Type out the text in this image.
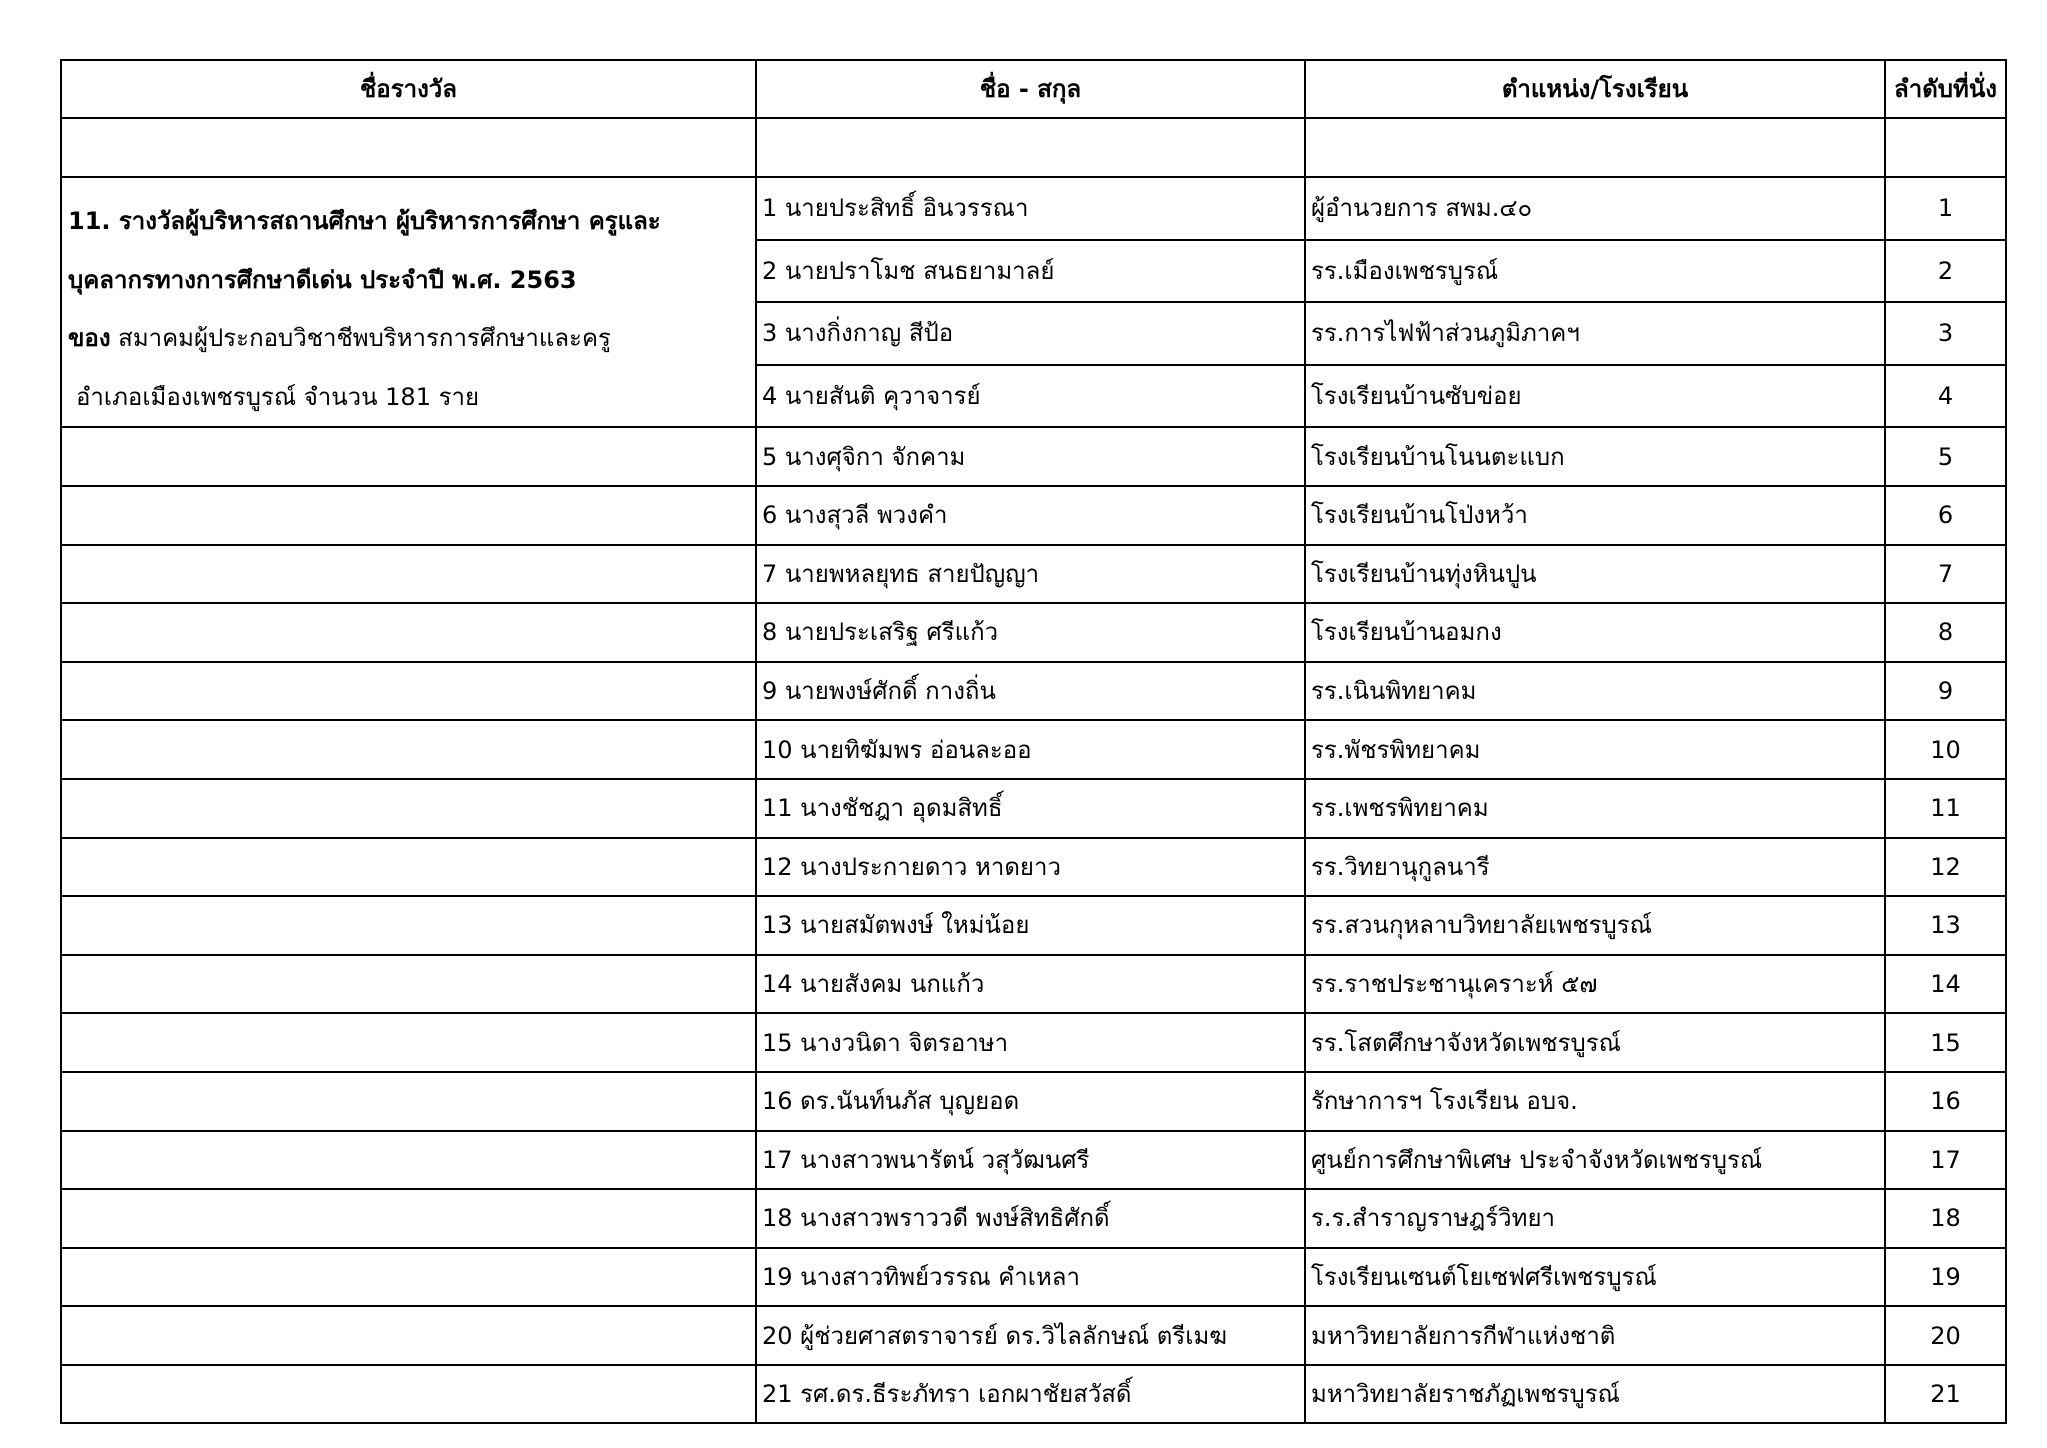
ชื่อรางวัล	ชื่อ - สกุล	ตำแหน่ง/โรงเรียน	ลำดับที่นั่ง

11. รางวัลผู้บริหารสถานศึกษา ผู้บริหารการศึกษา ครูและ
บุคลากรทางการศึกษาดีเด่น ประจำปี พ.ศ. 2563
ของ สมาคมผู้ประกอบวิชาชีพบริหารการศึกษาและครู
อำเภอเมืองเพชรบูรณ์ จำนวน 181 ราย	1 นายประสิทธิ์ อินวรรณา	ผู้อำนวยการ สพม.๔๐	1
	2 นายปราโมช สนธยามาลย์	รร.เมืองเพชรบูรณ์	2
	3 นางกิ่งกาญ สีป้อ	รร.การไฟฟ้าส่วนภูมิภาคฯ	3
	4 นายสันติ คุวาจารย์	โรงเรียนบ้านซับข่อย	4
	5 นางศุจิกา จักคาม	โรงเรียนบ้านโนนตะแบก	5
	6 นางสุวลี พวงคำ	โรงเรียนบ้านโป่งหว้า	6
	7 นายพหลยุทธ สายปัญญา	โรงเรียนบ้านทุ่งหินปูน	7
	8 นายประเสริฐ ศรีแก้ว	โรงเรียนบ้านอมกง	8
	9 นายพงษ์ศักดิ์ กางถิ่น	รร.เนินพิทยาคม	9
	10 นายทิฆัมพร อ่อนละออ	รร.พัชรพิทยาคม	10
	11 นางชัชฎา อุดมสิทธิ์	รร.เพชรพิทยาคม	11
	12 นางประกายดาว หาดยาว	รร.วิทยานุกูลนารี	12
	13 นายสมัตพงษ์ ใหม่น้อย	รร.สวนกุหลาบวิทยาลัยเพชรบูรณ์	13
	14 นายสังคม นกแก้ว	รร.ราชประชานุเคราะห์ ๕๗	14
	15 นางวนิดา จิตรอาษา	รร.โสตศึกษาจังหวัดเพชรบูรณ์	15
	16 ดร.นันท์นภัส บุญยอด	รักษาการฯ โรงเรียน อบจ.	16
	17 นางสาวพนารัตน์ วสุวัฒนศรี	ศูนย์การศึกษาพิเศษ ประจำจังหวัดเพชรบูรณ์	17
	18 นางสาวพราววดี พงษ์สิทธิศักดิ์	ร.ร.สำราญราษฎร์วิทยา	18
	19 นางสาวทิพย์วรรณ คำเหลา	โรงเรียนเซนต์โยเซฟศรีเพชรบูรณ์	19
	20 ผู้ช่วยศาสตราจารย์ ดร.วิไลลักษณ์ ตรีเมฆ	มหาวิทยาลัยการกีฬาแห่งชาติ	20
	21 รศ.ดร.ธีระภัทรา เอกผาชัยสวัสดิ์	มหาวิทยาลัยราชภัฏเพชรบูรณ์	21
